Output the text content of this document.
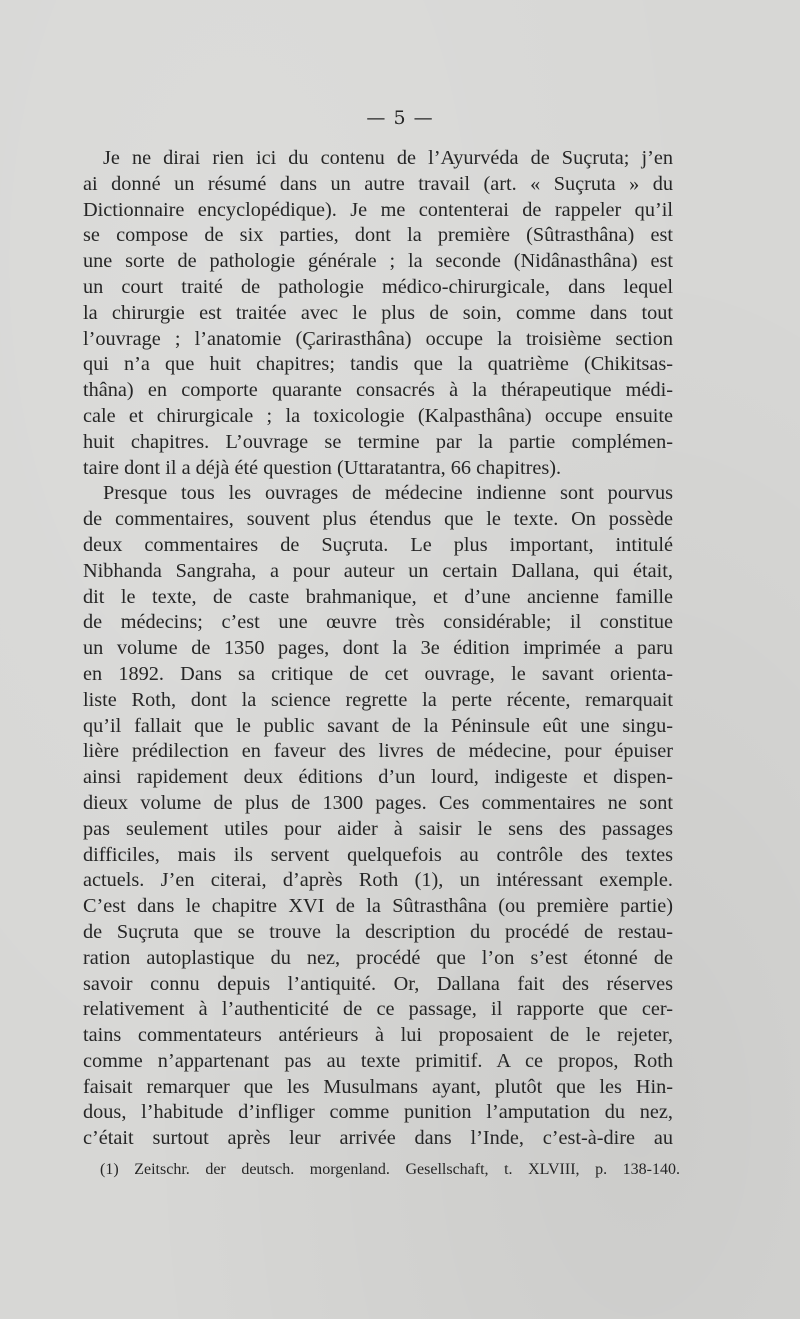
— 5 —
Je ne dirai rien ici du contenu de l’Ayurvéda de Suçruta; j’en
ai donné un résumé dans un autre travail (art. « Suçruta » du
Dictionnaire encyclopédique). Je me contenterai de rappeler qu’il
se compose de six parties, dont la première (Sûtrasthâna) est
une sorte de pathologie générale ; la seconde (Nidânasthâna) est
un court traité de pathologie médico-chirurgicale, dans lequel
la chirurgie est traitée avec le plus de soin, comme dans tout
l’ouvrage ; l’anatomie (Çarirasthâna) occupe la troisième section
qui n’a que huit chapitres; tandis que la quatrième (Chikitsas-
thâna) en comporte quarante consacrés à la thérapeutique médi-
cale et chirurgicale ; la toxicologie (Kalpasthâna) occupe ensuite
huit chapitres. L’ouvrage se termine par la partie complémen-
taire dont il a déjà été question (Uttaratantra, 66 chapitres).
Presque tous les ouvrages de médecine indienne sont pourvus
de commentaires, souvent plus étendus que le texte. On possède
deux commentaires de Suçruta. Le plus important, intitulé
Nibhanda Sangraha, a pour auteur un certain Dallana, qui était,
dit le texte, de caste brahmanique, et d’une ancienne famille
de médecins; c’est une œuvre très considérable; il constitue
un volume de 1350 pages, dont la 3e édition imprimée a paru
en 1892. Dans sa critique de cet ouvrage, le savant orienta-
liste Roth, dont la science regrette la perte récente, remarquait
qu’il fallait que le public savant de la Péninsule eût une singu-
lière prédilection en faveur des livres de médecine, pour épuiser
ainsi rapidement deux éditions d’un lourd, indigeste et dispen-
dieux volume de plus de 1300 pages. Ces commentaires ne sont
pas seulement utiles pour aider à saisir le sens des passages
difficiles, mais ils servent quelquefois au contrôle des textes
actuels. J’en citerai, d’après Roth (1), un intéressant exemple.
C’est dans le chapitre XVI de la Sûtrasthâna (ou première partie)
de Suçruta que se trouve la description du procédé de restau-
ration autoplastique du nez, procédé que l’on s’est étonné de
savoir connu depuis l’antiquité. Or, Dallana fait des réserves
relativement à l’authenticité de ce passage, il rapporte que cer-
tains commentateurs antérieurs à lui proposaient de le rejeter,
comme n’appartenant pas au texte primitif. A ce propos, Roth
faisait remarquer que les Musulmans ayant, plutôt que les Hin-
dous, l’habitude d’infliger comme punition l’amputation du nez,
c’était surtout après leur arrivée dans l’Inde, c’est-à-dire au
(1) Zeitschr. der deutsch. morgenland. Gesellschaft, t. XLVIII, p. 138-140.
